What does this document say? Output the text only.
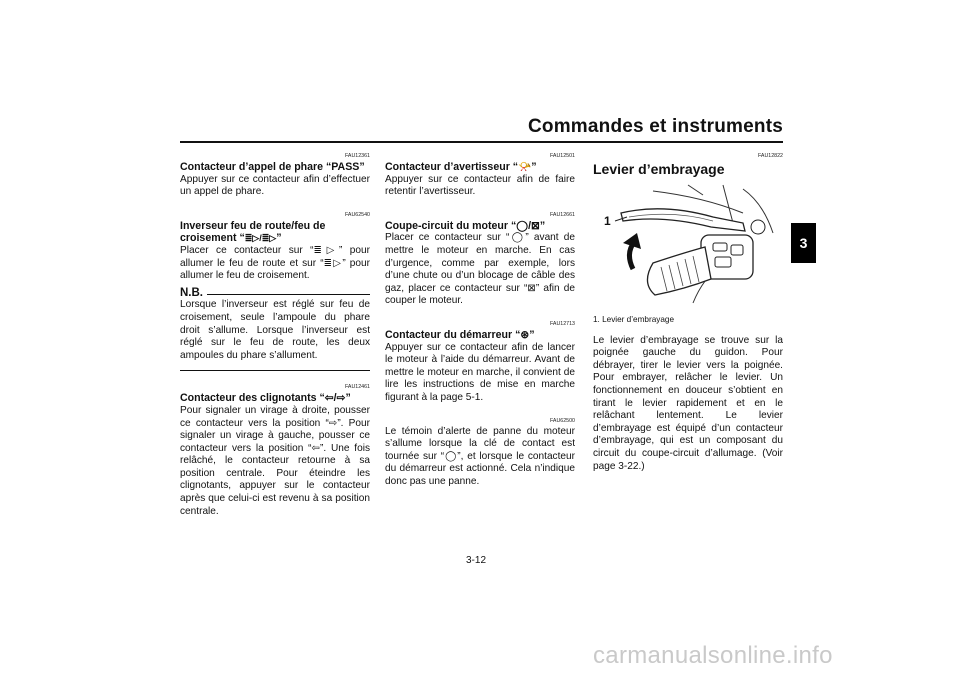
Commandes et instruments
3
FAU12361
Contacteur d’appel de phare “PASS”

Appuyer sur ce contacteur afin d’effectuer un appel de phare.

FAU62540
Inverseur feu de route/feu de
croisement “≣▷/≣▷”

Placer ce contacteur sur “≣▷” pour allumer le feu de route et sur “≣▷” pour allumer le feu de croisement.

N.B.

Lorsque l’inverseur est réglé sur feu de croisement, seule l’ampoule du phare droit s’allume. Lorsque l’inverseur est réglé sur le feu de route, les deux ampoules du phare s’allument.

FAU12461
Contacteur des clignotants “⇦/⇨”

Pour signaler un virage à droite, pousser ce contacteur vers la position “⇨”. Pour signaler un virage à gauche, pousser ce contacteur vers la position “⇦”. Une fois relâché, le contacteur retourne à sa position centrale. Pour éteindre les clignotants, appuyer sur le contacteur après que celui-ci est revenu à sa position centrale.

FAU12501
Contacteur d’avertisseur “📯”

Appuyer sur ce contacteur afin de faire retentir l’avertisseur.

FAU12661
Coupe-circuit du moteur “◯/⊠”

Placer ce contacteur sur “◯” avant de mettre le moteur en marche. En cas d’urgence, comme par exemple, lors d’une chute ou d’un blocage de câble des gaz, placer ce contacteur sur “⊠” afin de couper le moteur.

FAU12713
Contacteur du démarreur “⊛”

Appuyer sur ce contacteur afin de lancer le moteur à l’aide du démarreur. Avant de mettre le moteur en marche, il convient de lire les instructions de mise en marche figurant à la page 5-1.

FAU62500

Le témoin d’alerte de panne du moteur s’allume lorsque la clé de contact est tournée sur “◯”, et lorsque le contacteur du démarreur est actionné. Cela n’indique donc pas une panne.

FAU12822
Levier d’embrayage
1
1. Levier d’embrayage

Le levier d’embrayage se trouve sur la poignée gauche du guidon. Pour débrayer, tirer le levier vers la poignée. Pour embrayer, relâcher le levier. Un fonctionnement en douceur s’obtient en tirant le levier rapidement et en le relâchant lentement. Le levier d’embrayage est équipé d’un contacteur d’embrayage, qui est un composant du circuit du coupe-circuit d’allumage. (Voir page 3-22.)

3-12
carmanualsonline.info
